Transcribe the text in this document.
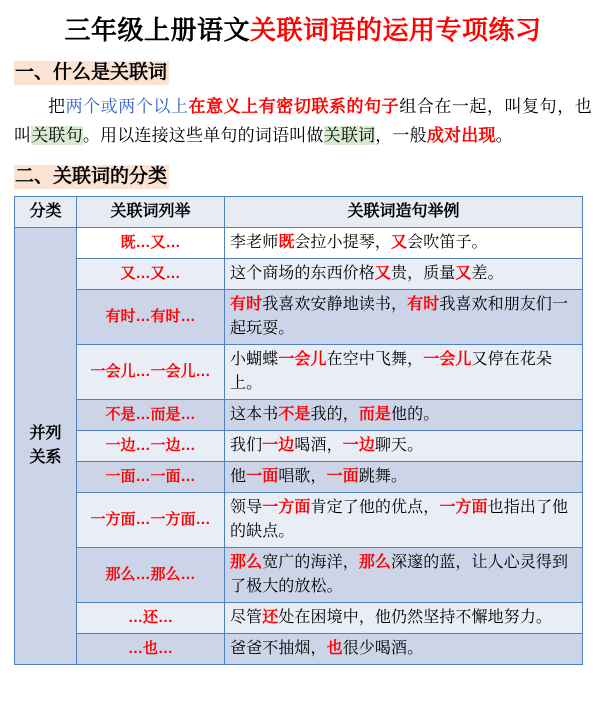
三年级上册语文关联词语的运用专项练习
一、什么是关联词

把两个或两个以上在意义上有密切联系的句子组合在一起，叫复句，也叫关联句。用以连接这些单句的词语叫做关联词，一般成对出现。

二、关联词的分类
分类	关联词列举	关联词造句举例

并列
关系	既…又…	李老师既会拉小提琴，又会吹笛子。
	又…又…	这个商场的东西价格又贵，质量又差。
	有时…有时…	有时我喜欢安静地读书，有时我喜欢和朋友们一起玩耍。
	一会儿…一会儿…	小蝴蝶一会儿在空中飞舞，一会儿又停在花朵上。
	不是…而是…	这本书不是我的，而是他的。
	一边…一边…	我们一边喝酒，一边聊天。
	一面…一面…	他一面唱歌，一面跳舞。
	一方面…一方面…	领导一方面肯定了他的优点，一方面也指出了他的缺点。
	那么…那么…	那么宽广的海洋，那么深邃的蓝，让人心灵得到了极大的放松。
	…还…	尽管还处在困境中，他仍然坚持不懈地努力。
	…也…	爸爸不抽烟，也很少喝酒。
